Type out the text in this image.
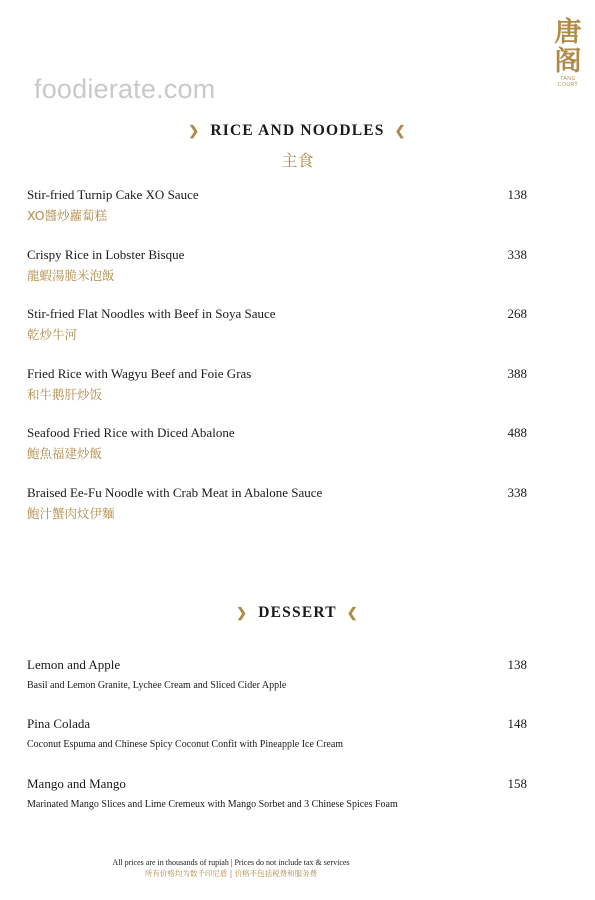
foodierate.com
唐
阁
TANG
COURT
❯ RICE AND NOODLES ❮
主食
Stir-fried Turnip Cake XO Sauce
XO醬炒蘿蔔糕
138
Crispy Rice in Lobster Bisque
龍蝦湯脆米泡飯
338
Stir-fried Flat Noodles with Beef in Soya Sauce
乾炒牛河
268
Fried Rice with Wagyu Beef and Foie Gras
和牛鹅肝炒饭
388
Seafood Fried Rice with Diced Abalone
鮑魚福建炒飯
488
Braised Ee-Fu Noodle with Crab Meat in Abalone Sauce
鮑汁蟹肉炆伊麵
338
❯ DESSERT ❮
Lemon and Apple
Basil and Lemon Granite, Lychee Cream and Sliced Cider Apple
138
Pina Colada
Coconut Espuma and Chinese Spicy Coconut Confit with Pineapple Ice Cream
148
Mango and Mango
Marinated Mango Slices and Lime Cremeux with Mango Sorbet and 3 Chinese Spices Foam
158
All prices are in thousands of rupiah | Prices do not include tax & services
所有价格均为数千印尼盾 | 价格不包括税费和服务费
